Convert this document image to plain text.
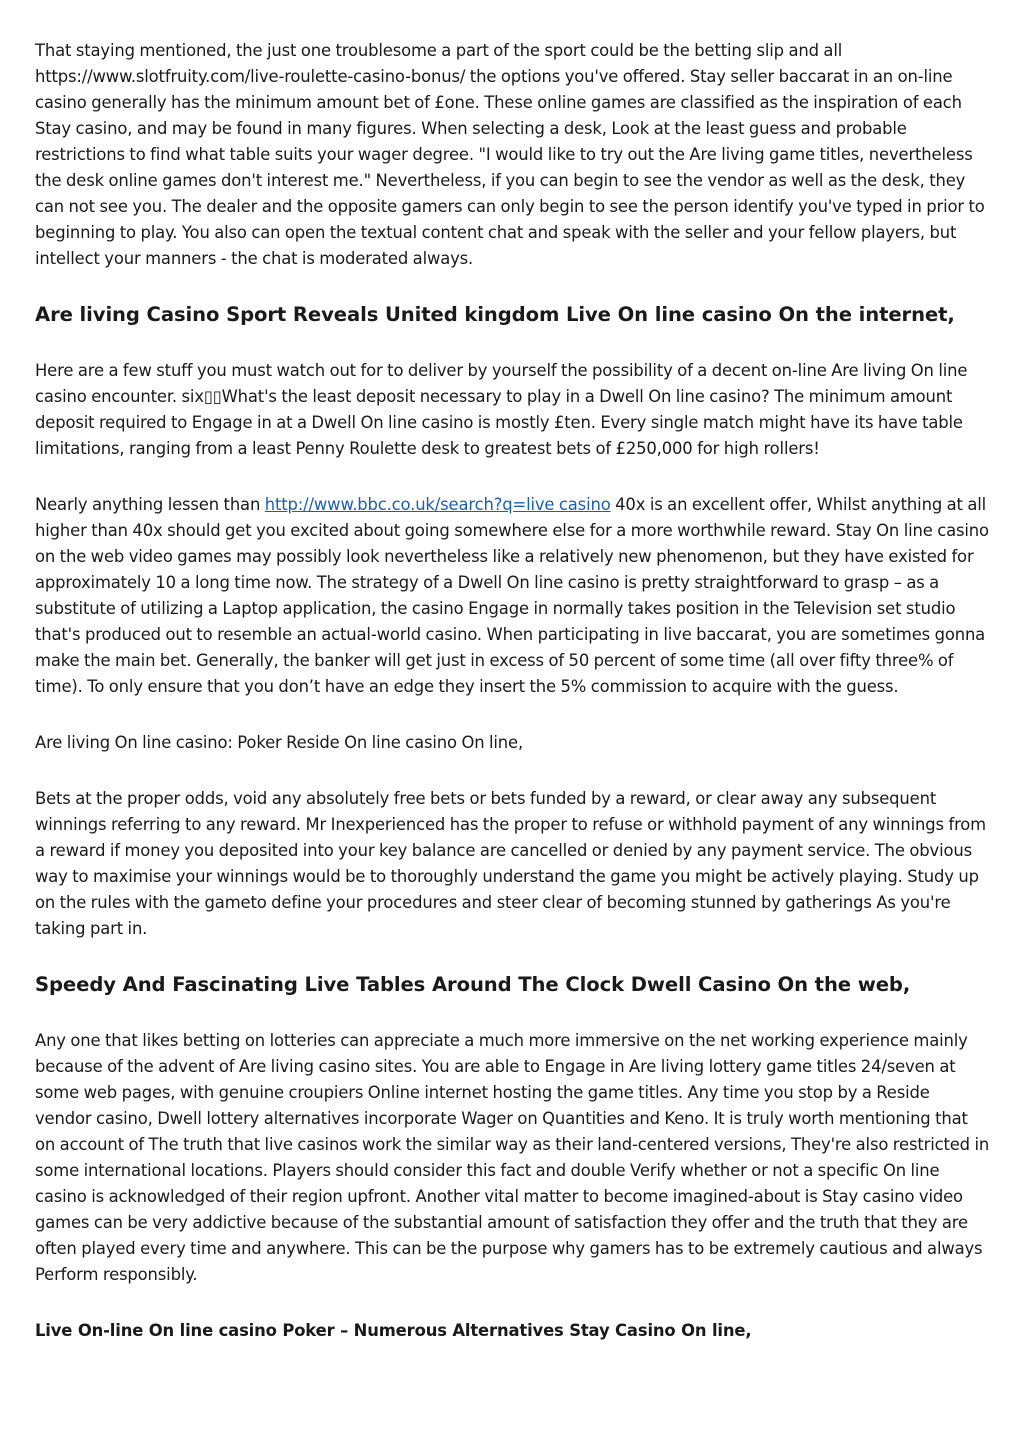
That staying mentioned, the just one troublesome a part of the sport could be the betting slip and all https://www.slotfruity.com/live-roulette-casino-bonus/ the options you've offered. Stay seller baccarat in an on-line casino generally has the minimum amount bet of £one. These online games are classified as the inspiration of each Stay casino, and may be found in many figures. When selecting a desk, Look at the least guess and probable restrictions to find what table suits your wager degree. "I would like to try out the Are living game titles, nevertheless the desk online games don't interest me." Nevertheless, if you can begin to see the vendor as well as the desk, they can not see you. The dealer and the opposite gamers can only begin to see the person identify you've typed in prior to beginning to play. You also can open the textual content chat and speak with the seller and your fellow players, but intellect your manners - the chat is moderated always.

Are living Casino Sport Reveals United kingdom Live On line casino On the internet,

Here are a few stuff you must watch out for to deliver by yourself the possibility of a decent on-line Are living On line casino encounter. six▯▯What's the least deposit necessary to play in a Dwell On line casino? The minimum amount deposit required to Engage in at a Dwell On line casino is mostly £ten. Every single match might have its have table limitations, ranging from a least Penny Roulette desk to greatest bets of £250,000 for high rollers!

Nearly anything lessen than http://www.bbc.co.uk/search?q=live casino 40x is an excellent offer, Whilst anything at all higher than 40x should get you excited about going somewhere else for a more worthwhile reward. Stay On line casino on the web video games may possibly look nevertheless like a relatively new phenomenon, but they have existed for approximately 10 a long time now. The strategy of a Dwell On line casino is pretty straightforward to grasp – as a substitute of utilizing a Laptop application, the casino Engage in normally takes position in the Television set studio that's produced out to resemble an actual-world casino. When participating in live baccarat, you are sometimes gonna make the main bet. Generally, the banker will get just in excess of 50 percent of some time (all over fifty three% of time). To only ensure that you don’t have an edge they insert the 5% commission to acquire with the guess.

Are living On line casino: Poker Reside On line casino On line,

Bets at the proper odds, void any absolutely free bets or bets funded by a reward, or clear away any subsequent winnings referring to any reward. Mr Inexperienced has the proper to refuse or withhold payment of any winnings from a reward if money you deposited into your key balance are cancelled or denied by any payment service. The obvious way to maximise your winnings would be to thoroughly understand the game you might be actively playing. Study up on the rules with the gameto define your procedures and steer clear of becoming stunned by gatherings As you're taking part in.

Speedy And Fascinating Live Tables Around The Clock Dwell Casino On the web,

Any one that likes betting on lotteries can appreciate a much more immersive on the net working experience mainly because of the advent of Are living casino sites. You are able to Engage in Are living lottery game titles 24/seven at some web pages, with genuine croupiers Online internet hosting the game titles. Any time you stop by a Reside vendor casino, Dwell lottery alternatives incorporate Wager on Quantities and Keno. It is truly worth mentioning that on account of The truth that live casinos work the similar way as their land-centered versions, They're also restricted in some international locations. Players should consider this fact and double Verify whether or not a specific On line casino is acknowledged of their region upfront. Another vital matter to become imagined-about is Stay casino video games can be very addictive because of the substantial amount of satisfaction they offer and the truth that they are often played every time and anywhere. This can be the purpose why gamers has to be extremely cautious and always Perform responsibly.

Live On-line On line casino Poker – Numerous Alternatives Stay Casino On line,
